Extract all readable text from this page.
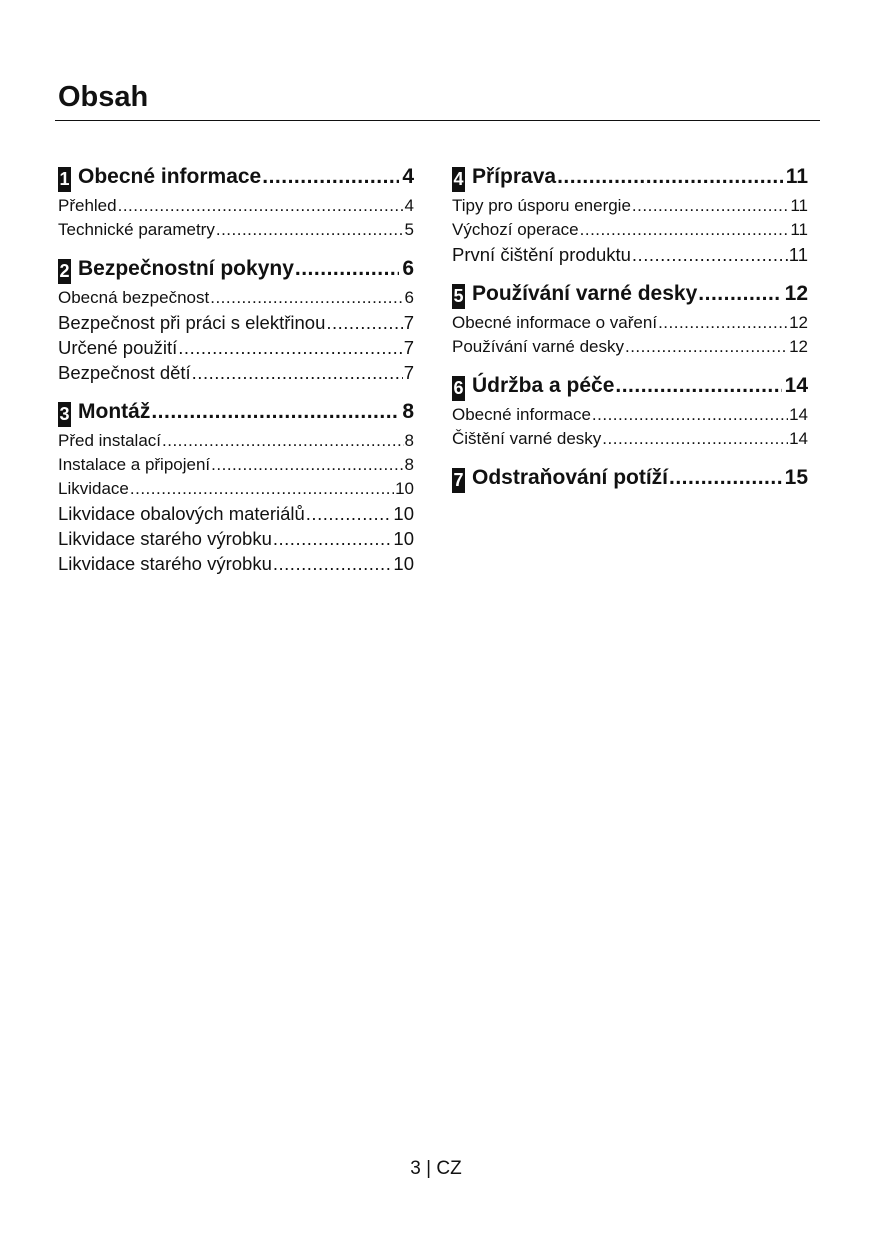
Obsah
1 Obecné informace .....	4
Přehled .....	4
Technické parametry .....	5
2 Bezpečnostní pokyny .....	6
Obecná bezpečnost .....	6
Bezpečnost při práci s elektřinou .....	7
Určené použití .....	7
Bezpečnost dětí .....	7
3 Montáž .....	8
Před instalací .....	8
Instalace a připojení .....	8
Likvidace .....	10
Likvidace obalových materiálů .....	10
Likvidace starého výrobku .....	10
Likvidace starého výrobku .....	10
4 Příprava .....	11
Tipy pro úsporu energie .....	11
Výchozí operace .....	11
První čištění produktu .....	11
5 Používání varné desky .....	12
Obecné informace o vaření .....	12
Používání varné desky .....	12
6 Údržba a péče .....	14
Obecné informace .....	14
Čištění varné desky .....	14
7 Odstraňování potíží .....	15
3 | CZ
